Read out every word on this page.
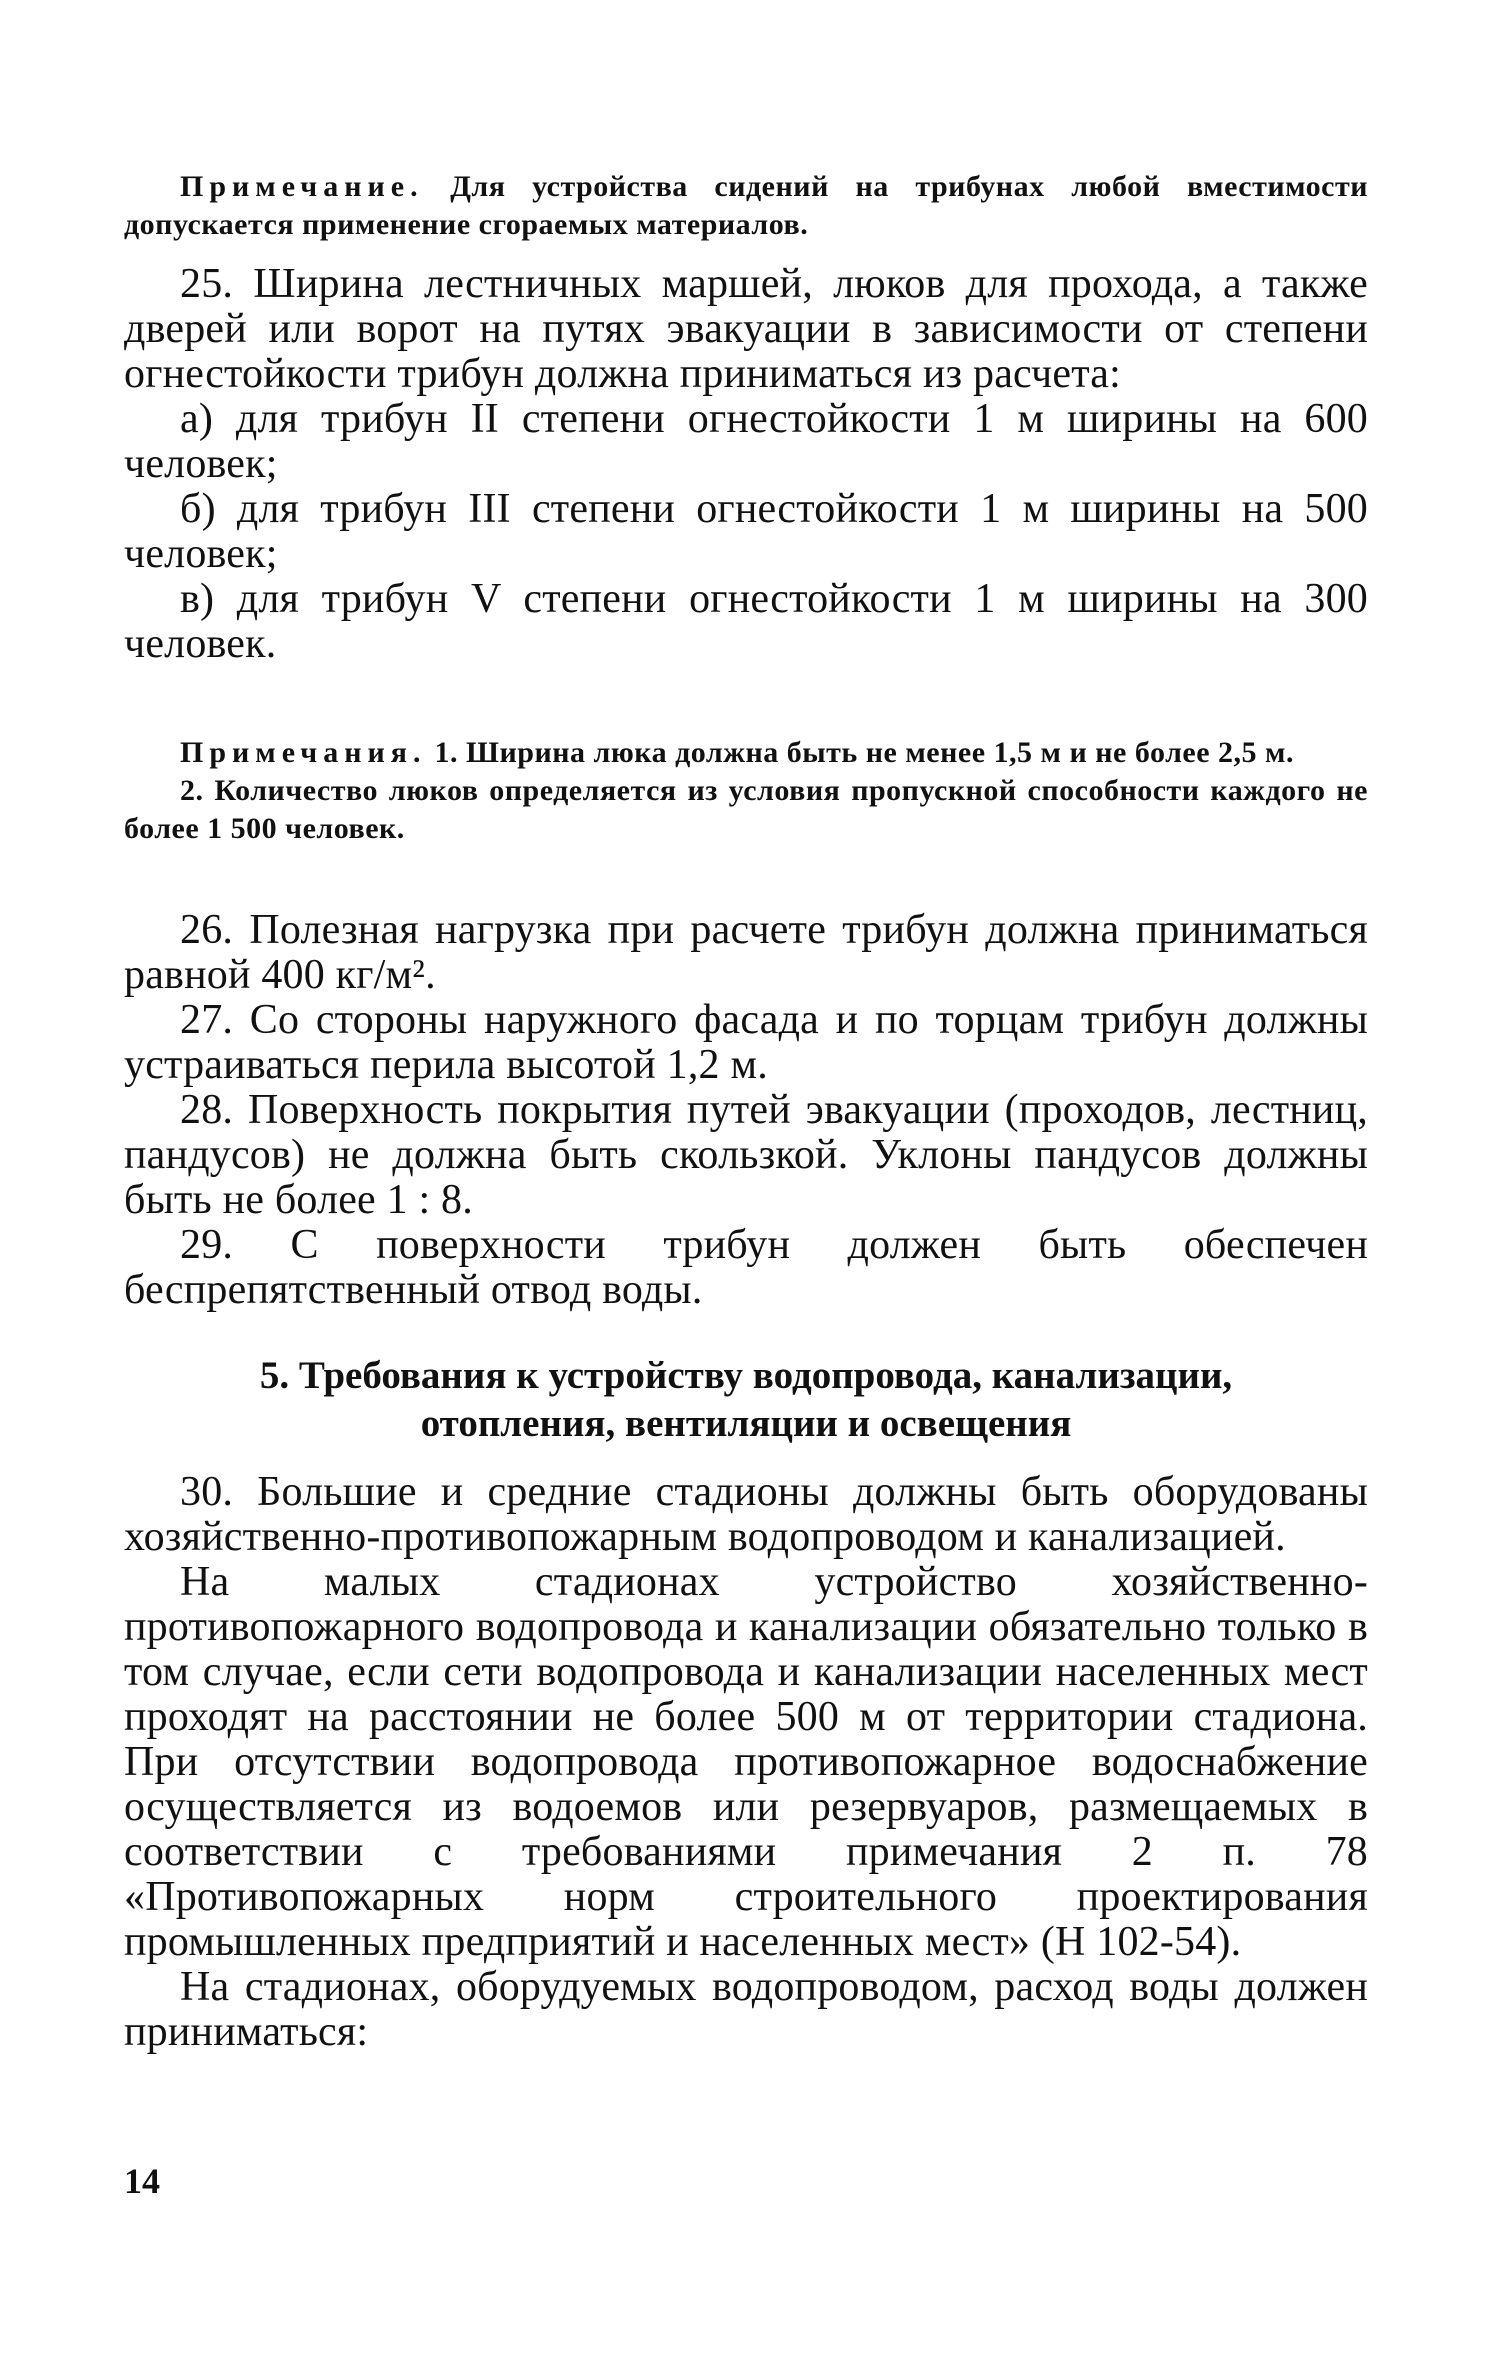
Примечание. Для устройства сидений на трибунах любой вместимости допускается применение сгораемых материалов.

25. Ширина лестничных маршей, люков для прохода, а также дверей или ворот на путях эвакуации в зависимости от степени огнестойкости трибун должна приниматься из расчета:

а) для трибун II степени огнестойкости 1 м ширины на 600 человек;

б) для трибун III степени огнестойкости 1 м ширины на 500 человек;

в) для трибун V степени огнестойкости 1 м ширины на 300 человек.

Примечания. 1. Ширина люка должна быть не менее 1,5 м и не более 2,5 м.

2. Количество люков определяется из условия пропускной способности каждого не более 1 500 человек.

26. Полезная нагрузка при расчете трибун должна приниматься равной 400 кг/м².

27. Со стороны наружного фасада и по торцам трибун должны устраиваться перила высотой 1,2 м.

28. Поверхность покрытия путей эвакуации (проходов, лестниц, пандусов) не должна быть скользкой. Уклоны пандусов должны быть не более 1 : 8.

29. С поверхности трибун должен быть обеспечен беспрепятственный отвод воды.

5. Требования к устройству водопровода, канализации,

отопления, вентиляции и освещения

30. Большие и средние стадионы должны быть оборудованы хозяйственно-противопожарным водопроводом и канализацией.

На малых стадионах устройство хозяйственно-противопожарного водопровода и канализации обязательно только в том случае, если сети водопровода и канализации населенных мест проходят на расстоянии не более 500 м от территории стадиона. При отсутствии водопровода противопожарное водоснабжение осуществляется из водоемов или резервуаров, размещаемых в соответствии с требованиями примечания 2 п. 78 «Противопожарных норм строительного проектирования промышленных предприятий и населенных мест» (Н 102-54).

На стадионах, оборудуемых водопроводом, расход воды должен приниматься:

14
